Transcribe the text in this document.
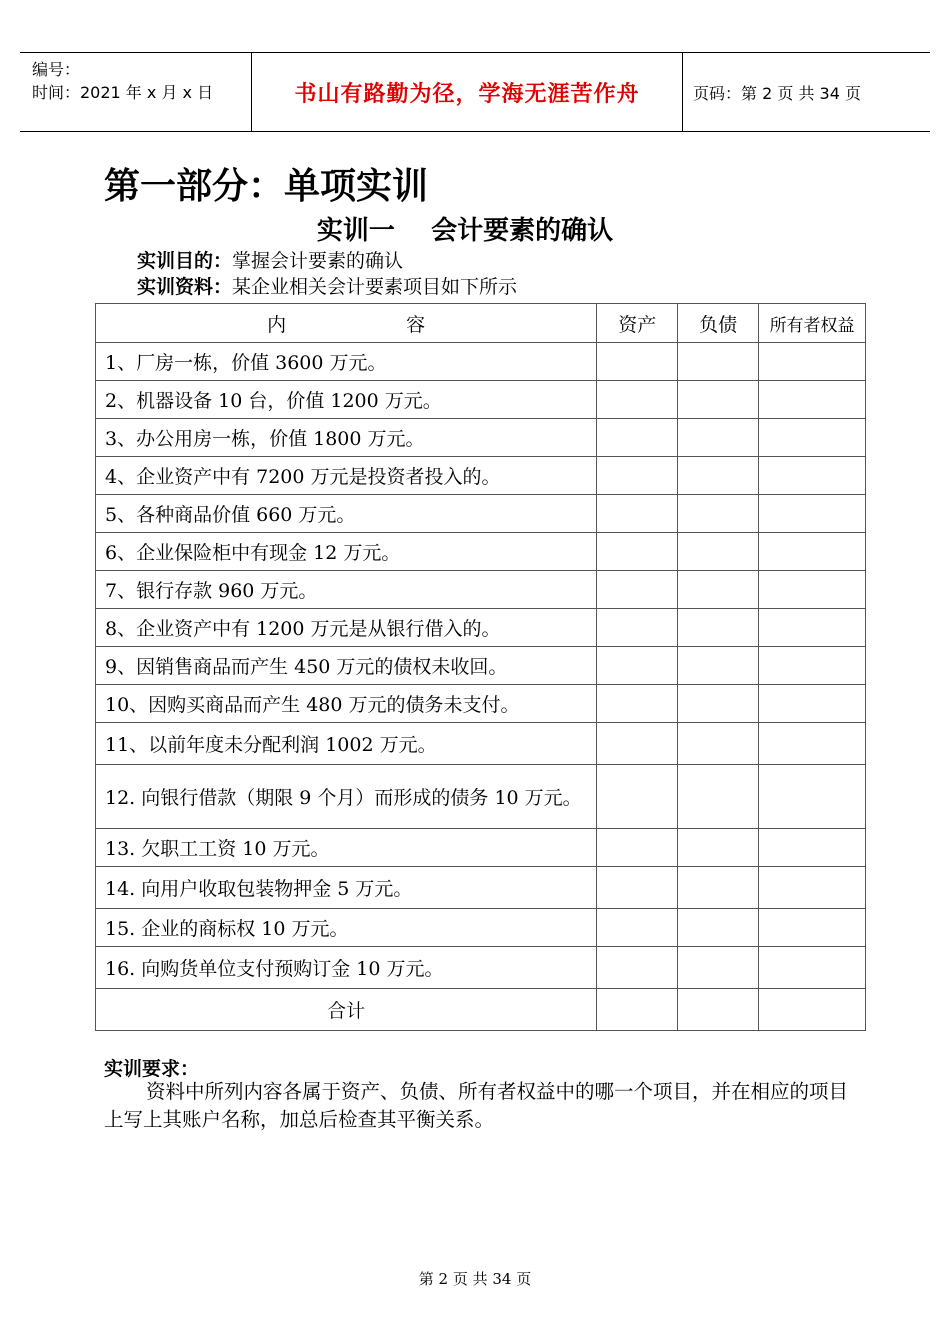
编号：
时间：2021 年 x 月 x 日	书山有路勤为径，学海无涯苦作舟	页码：第 2 页 共 34 页
第一部分：单项实训
实训一    会计要素的确认
实训目的：掌握会计要素的确认
实训资料：某企业相关会计要素项目如下所示
内 容	资产	负债	所有者权益
1、厂房一栋，价值 3600 万元。			
2、机器设备 10 台，价值 1200 万元。			
3、办公用房一栋，价值 1800 万元。			
4、企业资产中有 7200 万元是投资者投入的。			
5、各种商品价值 660 万元。			
6、企业保险柜中有现金 12 万元。			
7、银行存款 960 万元。			
8、企业资产中有 1200 万元是从银行借入的。			
9、因销售商品而产生 450 万元的债权未收回。			
10、因购买商品而产生 480 万元的债务未支付。			
11、以前年度未分配利润 1002 万元。			
12. 向银行借款（期限 9 个月）而形成的债务 10 万元。			
13. 欠职工工资 10 万元。			
14. 向用户收取包装物押金 5 万元。			
15. 企业的商标权 10 万元。			
16. 向购货单位支付预购订金 10 万元。			
合计			
实训要求：
资料中所列内容各属于资产、负债、所有者权益中的哪一个项目，并在相应的项目上写上其账户名称，加总后检查其平衡关系。
第 2 页 共 34 页
